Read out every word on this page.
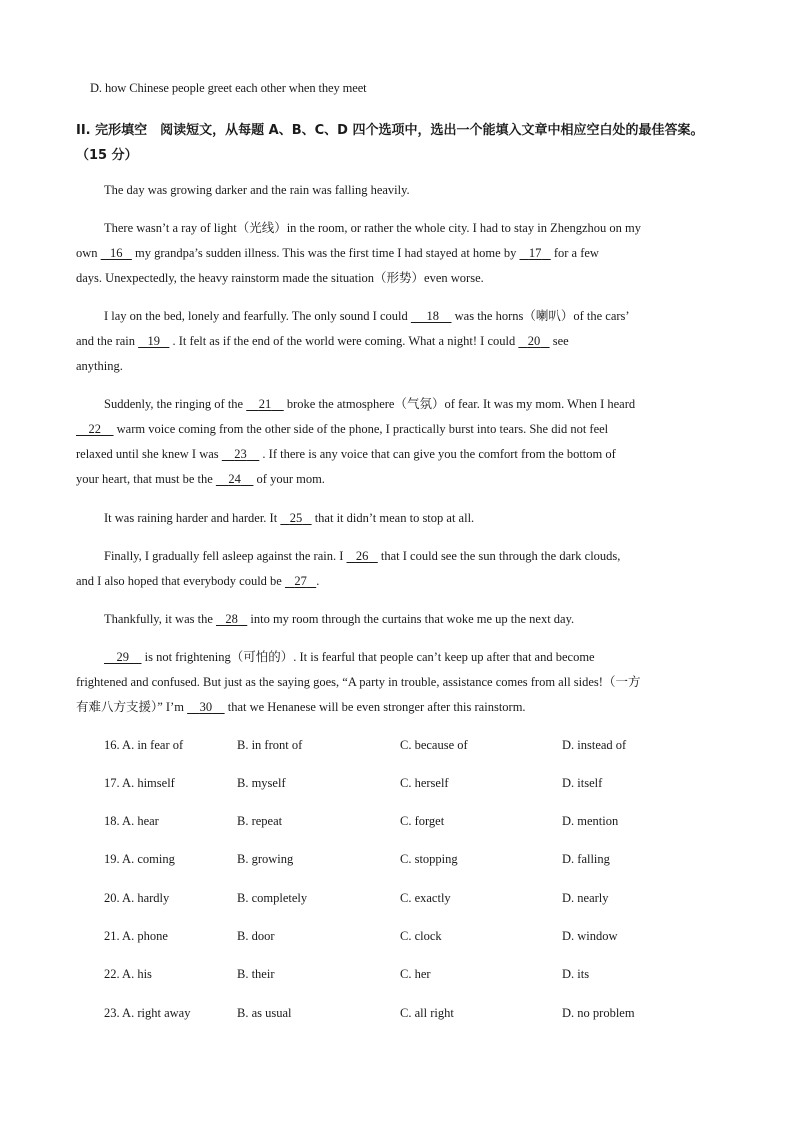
D. how Chinese people greet each other when they meet
II. 完形填空　阅读短文，从每题 A、B、C、D 四个选项中，选出一个能填入文章中相应空白处的最佳答案。（15 分）
The day was growing darker and the rain was falling heavily.
There wasn’t a ray of light（光线）in the room, or rather the whole city. I had to stay in Zhengzhou on my
own 16 my grandpa’s sudden illness. This was the first time I had stayed at home by 17 for a few
days. Unexpectedly, the heavy rainstorm made the situation（形势）even worse.
I lay on the bed, lonely and fearfully. The only sound I could 18 was the horns（喇叭）of the cars’
and the rain 19 . It felt as if the end of the world were coming. What a night! I could 20 see
anything.
Suddenly, the ringing of the 21 broke the atmosphere（气氛）of fear. It was my mom. When I heard
22 warm voice coming from the other side of the phone, I practically burst into tears. She did not feel
relaxed until she knew I was 23 . If there is any voice that can give you the comfort from the bottom of
your heart, that must be the 24 of your mom.
It was raining harder and harder. It 25 that it didn’t mean to stop at all.
Finally, I gradually fell asleep against the rain. I 26 that I could see the sun through the dark clouds,
and I also hoped that everybody could be 27 .
Thankfully, it was the 28 into my room through the curtains that woke me up the next day.
29 is not frightening（可怕的）. It is fearful that people can’t keep up after that and become
frightened and confused. But just as the saying goes, “A party in trouble, assistance comes from all sides!（一方
有难八方支援）” I’m 30 that we Henanese will be even stronger after this rainstorm.
16. A. in fear of	B. in front of	C. because of	D. instead of
17. A. himself	B. myself	C. herself	D. itself
18. A. hear	B. repeat	C. forget	D. mention
19. A. coming	B. growing	C. stopping	D. falling
20. A. hardly	B. completely	C. exactly	D. nearly
21. A. phone	B. door	C. clock	D. window
22. A. his	B. their	C. her	D. its
23. A. right away	B. as usual	C. all right	D. no problem
